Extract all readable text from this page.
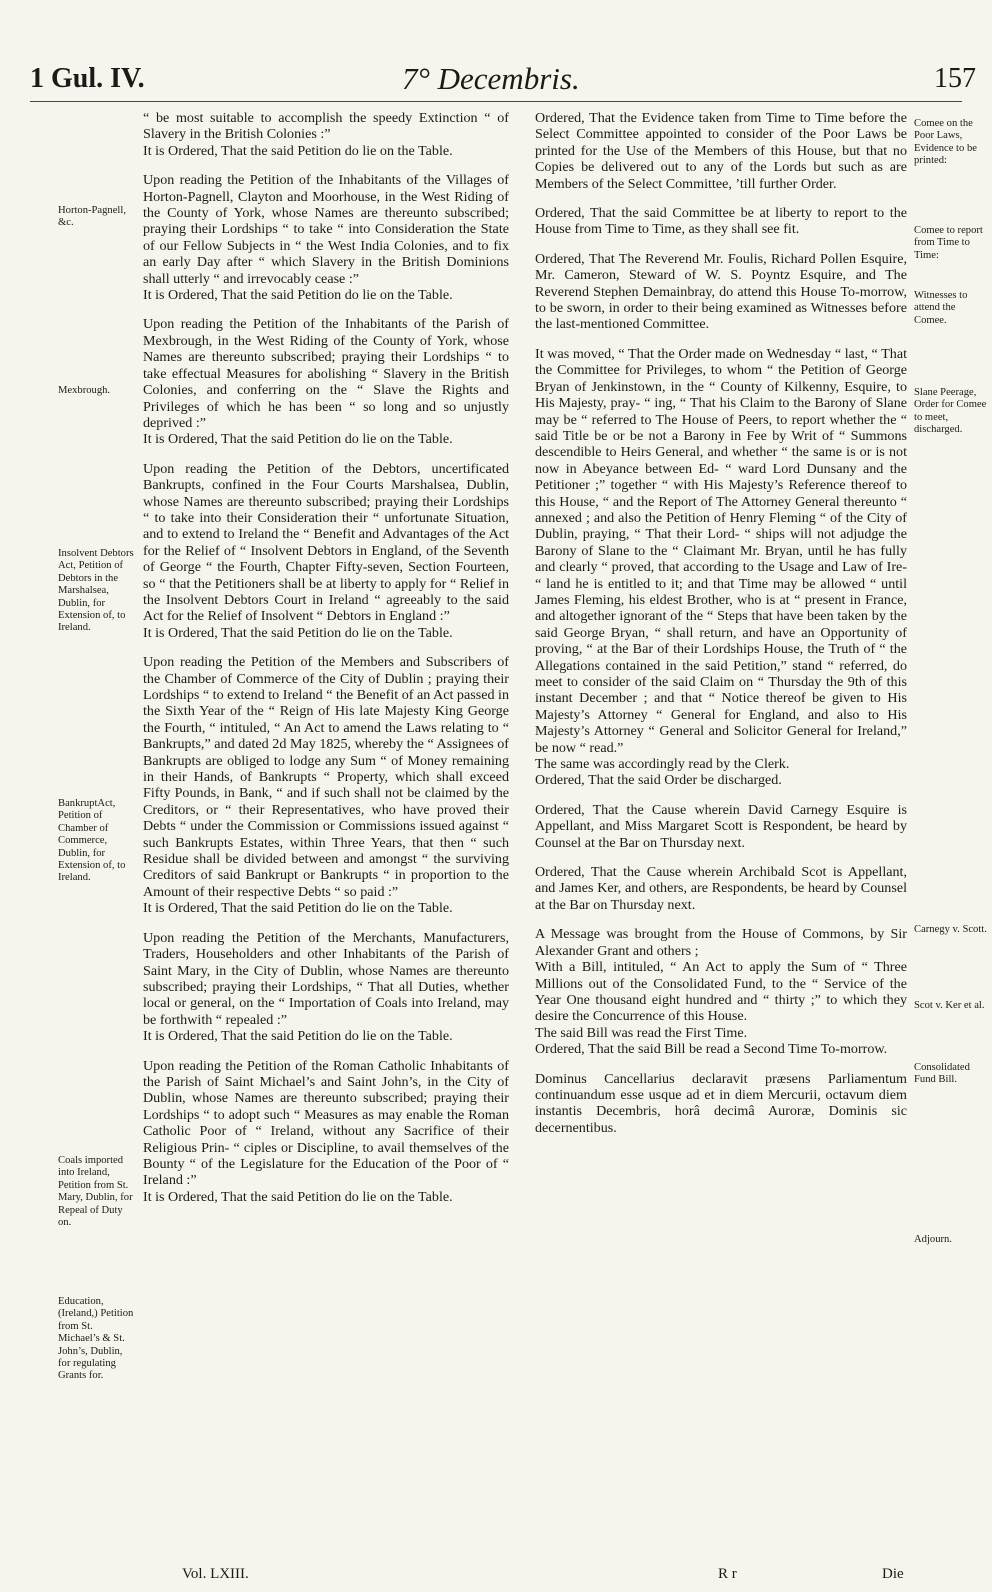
1 Gul. IV.	7° Decembris.	157

“ be most suitable to accomplish the speedy Extinction “ of Slavery in the British Colonies :”

It is Ordered, That the said Petition do lie on the Table.

Upon reading the Petition of the Inhabitants of the Villages of Horton-Pagnell, Clayton and Moorhouse, in the West Riding of the County of York, whose Names are thereunto subscribed; praying their Lordships “ to take “ into Consideration the State of our Fellow Subjects in “ the West India Colonies, and to fix an early Day after “ which Slavery in the British Dominions shall utterly “ and irrevocably cease :”

It is Ordered, That the said Petition do lie on the Table.

Upon reading the Petition of the Inhabitants of the Parish of Mexbrough, in the West Riding of the County of York, whose Names are thereunto subscribed; praying their Lordships “ to take effectual Measures for abolishing “ Slavery in the British Colonies, and conferring on the “ Slave the Rights and Privileges of which he has been “ so long and so unjustly deprived :”

It is Ordered, That the said Petition do lie on the Table.

Upon reading the Petition of the Debtors, uncertificated Bankrupts, confined in the Four Courts Marshalsea, Dublin, whose Names are thereunto subscribed; praying their Lordships “ to take into their Consideration their “ unfortunate Situation, and to extend to Ireland the “ Benefit and Advantages of the Act for the Relief of “ Insolvent Debtors in England, of the Seventh of George “ the Fourth, Chapter Fifty-seven, Section Fourteen, so “ that the Petitioners shall be at liberty to apply for “ Relief in the Insolvent Debtors Court in Ireland “ agreeably to the said Act for the Relief of Insolvent “ Debtors in England :”

It is Ordered, That the said Petition do lie on the Table.

Upon reading the Petition of the Members and Subscribers of the Chamber of Commerce of the City of Dublin ; praying their Lordships “ to extend to Ireland “ the Benefit of an Act passed in the Sixth Year of the “ Reign of His late Majesty King George the Fourth, “ intituled, “ An Act to amend the Laws relating to “ Bankrupts,” and dated 2d May 1825, whereby the “ Assignees of Bankrupts are obliged to lodge any Sum “ of Money remaining in their Hands, of Bankrupts “ Property, which shall exceed Fifty Pounds, in Bank, “ and if such shall not be claimed by the Creditors, or “ their Representatives, who have proved their Debts “ under the Commission or Commissions issued against “ such Bankrupts Estates, within Three Years, that then “ such Residue shall be divided between and amongst “ the surviving Creditors of said Bankrupt or Bankrupts “ in proportion to the Amount of their respective Debts “ so paid :”

It is Ordered, That the said Petition do lie on the Table.

Upon reading the Petition of the Merchants, Manufacturers, Traders, Householders and other Inhabitants of the Parish of Saint Mary, in the City of Dublin, whose Names are thereunto subscribed; praying their Lordships, “ That all Duties, whether local or general, on the “ Importation of Coals into Ireland, may be forthwith “ repealed :”

It is Ordered, That the said Petition do lie on the Table.

Upon reading the Petition of the Roman Catholic Inhabitants of the Parish of Saint Michael’s and Saint John’s, in the City of Dublin, whose Names are thereunto subscribed; praying their Lordships “ to adopt such “ Measures as may enable the Roman Catholic Poor of “ Ireland, without any Sacrifice of their Religious Prin- “ ciples or Discipline, to avail themselves of the Bounty “ of the Legislature for the Education of the Poor of “ Ireland :”

It is Ordered, That the said Petition do lie on the Table.

Ordered, That the Evidence taken from Time to Time before the Select Committee appointed to consider of the Poor Laws be printed for the Use of the Members of this House, but that no Copies be delivered out to any of the Lords but such as are Members of the Select Committee, ’till further Order.

Ordered, That the said Committee be at liberty to report to the House from Time to Time, as they shall see fit.

Ordered, That The Reverend Mr. Foulis, Richard Pollen Esquire, Mr. Cameron, Steward of W. S. Poyntz Esquire, and The Reverend Stephen Demainbray, do attend this House To-morrow, to be sworn, in order to their being examined as Witnesses before the last-mentioned Committee.

It was moved, “ That the Order made on Wednesday “ last, “ That the Committee for Privileges, to whom “ the Petition of George Bryan of Jenkinstown, in the “ County of Kilkenny, Esquire, to His Majesty, pray- “ ing, “ That his Claim to the Barony of Slane may be “ referred to The House of Peers, to report whether the “ said Title be or be not a Barony in Fee by Writ of “ Summons descendible to Heirs General, and whether “ the same is or is not now in Abeyance between Ed- “ ward Lord Dunsany and the Petitioner ;” together “ with His Majesty’s Reference thereof to this House, “ and the Report of The Attorney General thereunto “ annexed ; and also the Petition of Henry Fleming “ of the City of Dublin, praying, “ That their Lord- “ ships will not adjudge the Barony of Slane to the “ Claimant Mr. Bryan, until he has fully and clearly “ proved, that according to the Usage and Law of Ire- “ land he is entitled to it; and that Time may be allowed “ until James Fleming, his eldest Brother, who is at “ present in France, and altogether ignorant of the “ Steps that have been taken by the said George Bryan, “ shall return, and have an Opportunity of proving, “ at the Bar of their Lordships House, the Truth of “ the Allegations contained in the said Petition,” stand “ referred, do meet to consider of the said Claim on “ Thursday the 9th of this instant December ; and that “ Notice thereof be given to His Majesty’s Attorney “ General for England, and also to His Majesty’s Attorney “ General and Solicitor General for Ireland,” be now “ read.”

The same was accordingly read by the Clerk.

Ordered, That the said Order be discharged.

Ordered, That the Cause wherein David Carnegy Esquire is Appellant, and Miss Margaret Scott is Respondent, be heard by Counsel at the Bar on Thursday next.

Ordered, That the Cause wherein Archibald Scot is Appellant, and James Ker, and others, are Respondents, be heard by Counsel at the Bar on Thursday next.

A Message was brought from the House of Commons, by Sir Alexander Grant and others ;

With a Bill, intituled, “ An Act to apply the Sum of “ Three Millions out of the Consolidated Fund, to the “ Service of the Year One thousand eight hundred and “ thirty ;” to which they desire the Concurrence of this House.

The said Bill was read the First Time.

Ordered, That the said Bill be read a Second Time To-morrow.

Dominus Cancellarius declaravit præsens Parliamentum continuandum esse usque ad et in diem Mercurii, octavum diem instantis Decembris, horâ decimâ Auroræ, Dominis sic decernentibus.

Horton-Pagnell, &c.
Mexbrough.
Insolvent Debtors Act, Petition of Debtors in the Marshalsea, Dublin, for Extension of, to Ireland.
BankruptAct, Petition of Chamber of Commerce, Dublin, for Extension of, to Ireland.
Coals imported into Ireland, Petition from St. Mary, Dublin, for Repeal of Duty on.
Education, (Ireland,) Petition from St. Michael’s & St. John’s, Dublin, for regulating Grants for.
Comee on the Poor Laws, Evidence to be printed:
Comee to report from Time to Time:
Witnesses to attend the Comee.
Slane Peerage, Order for Comee to meet, discharged.
Carnegy v. Scott.
Scot v. Ker et al.
Consolidated Fund Bill.
Adjourn.
Vol. LXIII.	R r	Die
